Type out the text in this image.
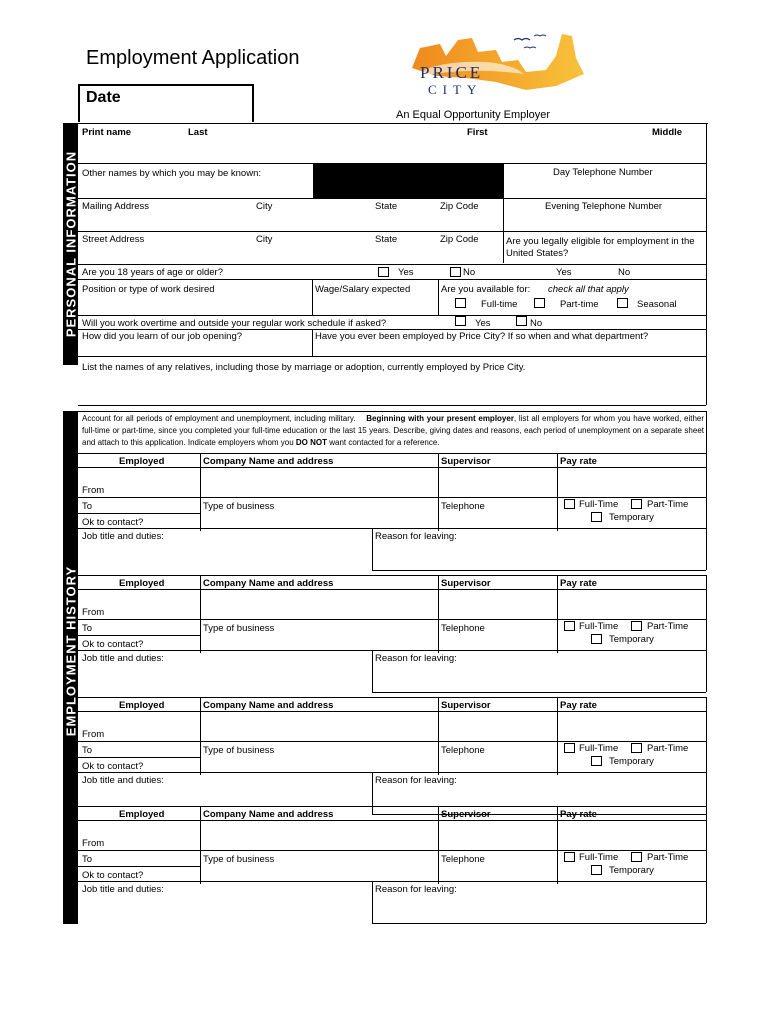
Employment Application
PRICE
CITY
Date
An Equal Opportunity Employer
PERSONAL INFORMATION
Print name	Last	First	Middle
Other names by which you may be known:	Day Telephone Number
Mailing Address	City	State	Zip Code	Evening Telephone Number
Street Address	City	State	Zip Code	Are you legally eligible for employment in the
United States?
Are you 18 years of age or older?	Yes	No	Yes	No
Position or type of work desired	Wage/Salary expected	Are you available for: check all that apply
Full-time	Part-time	Seasonal
Will you work overtime and outside your regular work schedule if asked?	Yes	No
How did you learn of our job opening?	Have you ever been employed by Price City? If so when and what department?
List the names of any relatives, including those by marriage or adoption, currently employed by Price City.
EMPLOYMENT HISTORY
Account for all periods of employment and unemployment, including military. Beginning with your present employer, list all employers for whom you have worked, either full-time or part-time, since you completed your full-time education or the last 15 years. Describe, giving dates and reasons, each period of unemployment on a separate sheet and attach to this application. Indicate employers whom you DO NOT want contacted for a reference.
Employed	Company Name and address	Supervisor	Pay rate
From
To	Type of business	Telephone	Full-Time	Part-Time
Temporary
Ok to contact?
Job title and duties:	Reason for leaving:
Employed	Company Name and address	Supervisor	Pay rate
From
To	Type of business	Telephone	Full-Time	Part-Time
Temporary
Ok to contact?
Job title and duties:	Reason for leaving:
Employed	Company Name and address	Supervisor	Pay rate
From
To	Type of business	Telephone	Full-Time	Part-Time
Temporary
Ok to contact?
Job title and duties:	Reason for leaving:
Employed	Company Name and address	Supervisor	Pay rate
From
To	Type of business	Telephone	Full-Time	Part-Time
Temporary
Ok to contact?
Job title and duties:	Reason for leaving:
